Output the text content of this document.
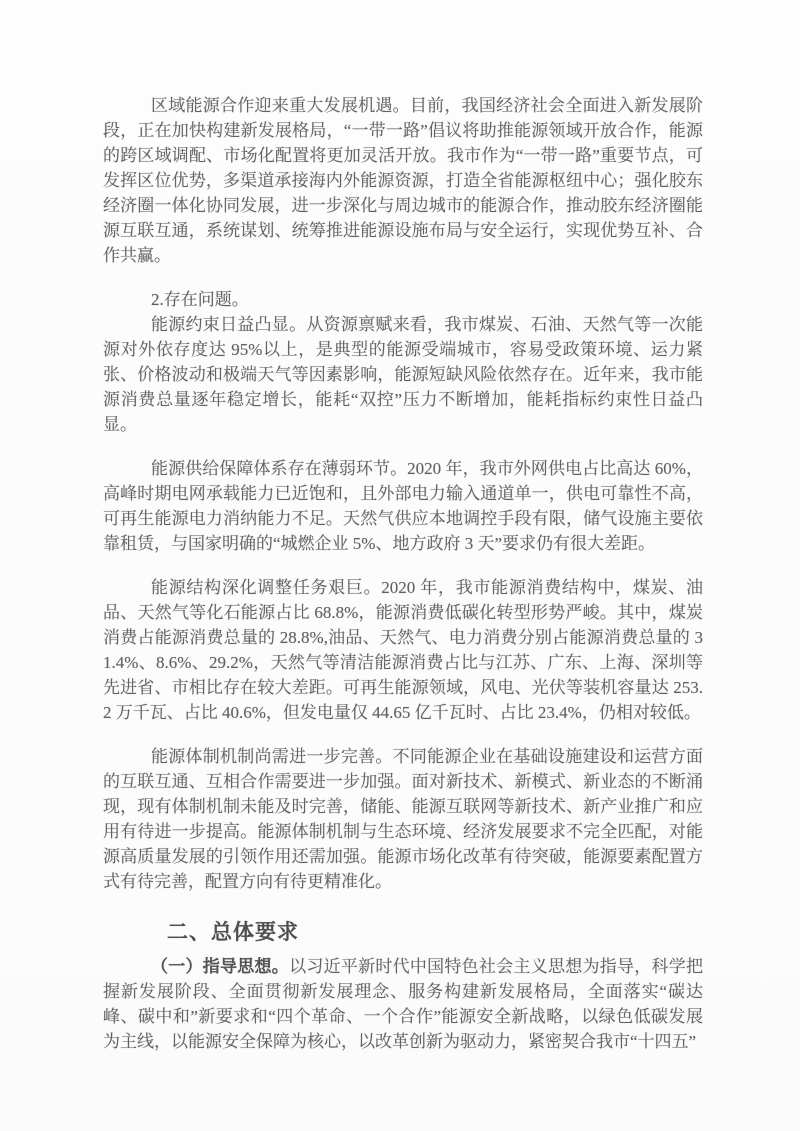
区域能源合作迎来重大发展机遇。目前，我国经济社会全面进入新发展阶段，正在加快构建新发展格局，“一带一路”倡议将助推能源领域开放合作，能源的跨区域调配、市场化配置将更加灵活开放。我市作为“一带一路”重要节点，可发挥区位优势，多渠道承接海内外能源资源，打造全省能源枢纽中心；强化胶东经济圈一体化协同发展，进一步深化与周边城市的能源合作，推动胶东经济圈能源互联互通，系统谋划、统筹推进能源设施布局与安全运行，实现优势互补、合作共赢。

2.存在问题。

能源约束日益凸显。从资源禀赋来看，我市煤炭、石油、天然气等一次能源对外依存度达 95%以上，是典型的能源受端城市，容易受政策环境、运力紧张、价格波动和极端天气等因素影响，能源短缺风险依然存在。近年来，我市能源消费总量逐年稳定增长，能耗“双控”压力不断增加，能耗指标约束性日益凸显。

能源供给保障体系存在薄弱环节。2020 年，我市外网供电占比高达 60%，高峰时期电网承载能力已近饱和，且外部电力输入通道单一，供电可靠性不高，可再生能源电力消纳能力不足。天然气供应本地调控手段有限，储气设施主要依靠租赁，与国家明确的“城燃企业 5%、地方政府 3 天”要求仍有很大差距。

能源结构深化调整任务艰巨。2020 年，我市能源消费结构中，煤炭、油品、天然气等化石能源占比 68.8%，能源消费低碳化转型形势严峻。其中，煤炭消费占能源消费总量的 28.8%,油品、天然气、电力消费分别占能源消费总量的 31.4%、8.6%、29.2%，天然气等清洁能源消费占比与江苏、广东、上海、深圳等先进省、市相比存在较大差距。可再生能源领域，风电、光伏等装机容量达 253.2 万千瓦、占比 40.6%，但发电量仅 44.65 亿千瓦时、占比 23.4%，仍相对较低。

能源体制机制尚需进一步完善。不同能源企业在基础设施建设和运营方面的互联互通、互相合作需要进一步加强。面对新技术、新模式、新业态的不断涌现，现有体制机制未能及时完善，储能、能源互联网等新技术、新产业推广和应用有待进一步提高。能源体制机制与生态环境、经济发展要求不完全匹配，对能源高质量发展的引领作用还需加强。能源市场化改革有待突破，能源要素配置方式有待完善，配置方向有待更精准化。

二、总体要求

（一）指导思想。以习近平新时代中国特色社会主义思想为指导，科学把握新发展阶段、全面贯彻新发展理念、服务构建新发展格局，全面落实“碳达峰、碳中和”新要求和“四个革命、一个合作”能源安全新战略，以绿色低碳发展为主线，以能源安全保障为核心，以改革创新为驱动力，紧密契合我市“十四五”
